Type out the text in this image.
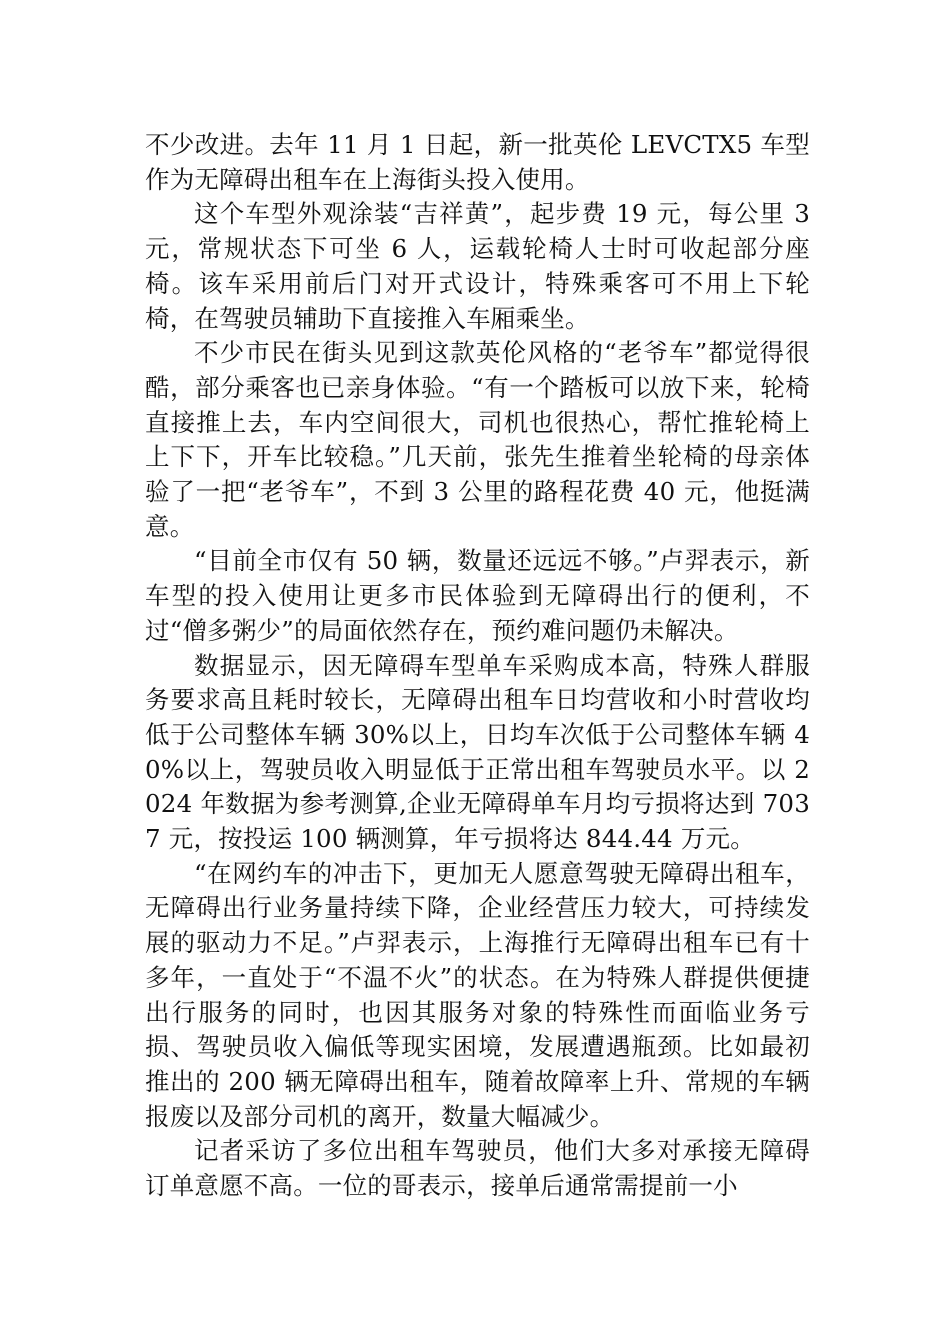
不少改进。去年 11 月 1 日起，新一批英伦 LEVCTX5 车型作为无障碍出租车在上海街头投入使用。

这个车型外观涂装“吉祥黄”，起步费 19 元，每公里 3 元，常规状态下可坐 6 人，运载轮椅人士时可收起部分座椅。该车采用前后门对开式设计，特殊乘客可不用上下轮椅，在驾驶员辅助下直接推入车厢乘坐。

不少市民在街头见到这款英伦风格的“老爷车”都觉得很酷，部分乘客也已亲身体验。“有一个踏板可以放下来，轮椅直接推上去，车内空间很大，司机也很热心，帮忙推轮椅上上下下，开车比较稳。”几天前，张先生推着坐轮椅的母亲体验了一把“老爷车”，不到 3 公里的路程花费 40 元，他挺满意。

“目前全市仅有 50 辆，数量还远远不够。”卢羿表示，新车型的投入使用让更多市民体验到无障碍出行的便利，不过“僧多粥少”的局面依然存在，预约难问题仍未解决。

数据显示，因无障碍车型单车采购成本高，特殊人群服务要求高且耗时较长，无障碍出租车日均营收和小时营收均低于公司整体车辆 30%以上，日均车次低于公司整体车辆 40%以上，驾驶员收入明显低于正常出租车驾驶员水平。以 2024 年数据为参考测算,企业无障碍单车月均亏损将达到 7037 元，按投运 100 辆测算，年亏损将达 844.44 万元。

“在网约车的冲击下，更加无人愿意驾驶无障碍出租车，无障碍出行业务量持续下降，企业经营压力较大，可持续发展的驱动力不足。”卢羿表示，上海推行无障碍出租车已有十多年，一直处于“不温不火”的状态。在为特殊人群提供便捷出行服务的同时，也因其服务对象的特殊性而面临业务亏损、驾驶员收入偏低等现实困境，发展遭遇瓶颈。比如最初推出的 200 辆无障碍出租车，随着故障率上升、常规的车辆报废以及部分司机的离开，数量大幅减少。

记者采访了多位出租车驾驶员，他们大多对承接无障碍订单意愿不高。一位的哥表示，接单后通常需提前一小
